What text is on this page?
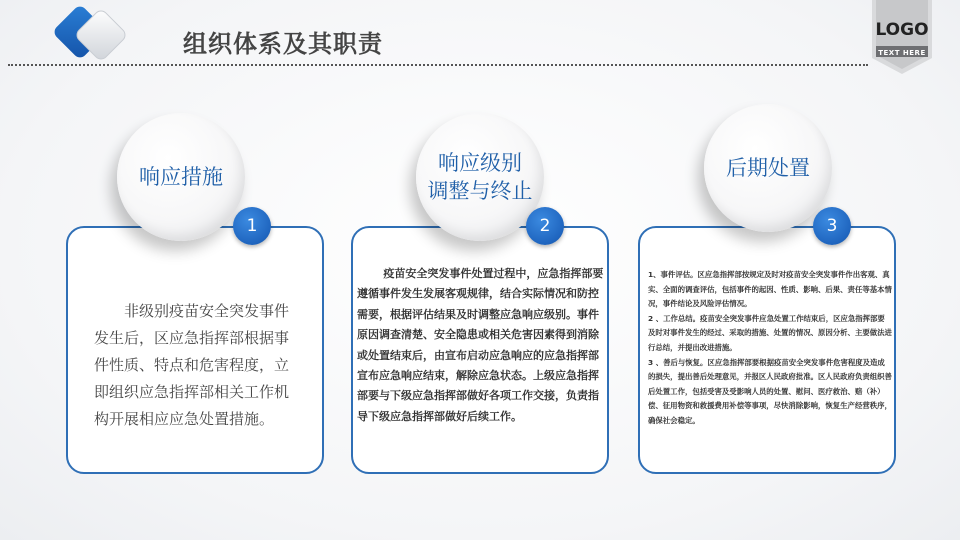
组织体系及其职责	LOGO
TEXT HERE
非级别疫苗安全突发事件发生后，区应急指挥部根据事件性质、特点和危害程度，立即组织应急指挥部相关工作机构开展相应应急处置措施。
响应措施
1
疫苗安全突发事件处置过程中，应急指挥部要遵循事件发生发展客观规律，结合实际情况和防控需要，根据评估结果及时调整应急响应级别。事件原因调查清楚、安全隐患或相关危害因素得到消除或处置结束后，由宣布启动应急响应的应急指挥部宣布应急响应结束，解除应急状态。上级应急指挥部要与下级应急指挥部做好各项工作交接，负责指导下级应急指挥部做好后续工作。
响应级别
调整与终止
2

1、事件评估。区应急指挥部按规定及时对疫苗安全突发事件作出客观、真实、全面的调查评估，包括事件的起因、性质、影响、后果、责任等基本情况，事件结论及风险评估情况。

2 、工作总结。疫苗安全突发事件应急处置工作结束后，区应急指挥部要及时对事件发生的经过、采取的措施、处置的情况、原因分析、主要做法进行总结，并提出改进措施。

3 、善后与恢复。区应急指挥部要根据疫苗安全突发事件危害程度及造成的损失，提出善后处理意见，并报区人民政府批准。区人民政府负责组织善后处置工作，包括受害及受影响人员的处置、慰问、医疗救治、赔（补）偿、征用物资和救援费用补偿等事项，尽快消除影响，恢复生产经营秩序，确保社会稳定。

后期处置
3
